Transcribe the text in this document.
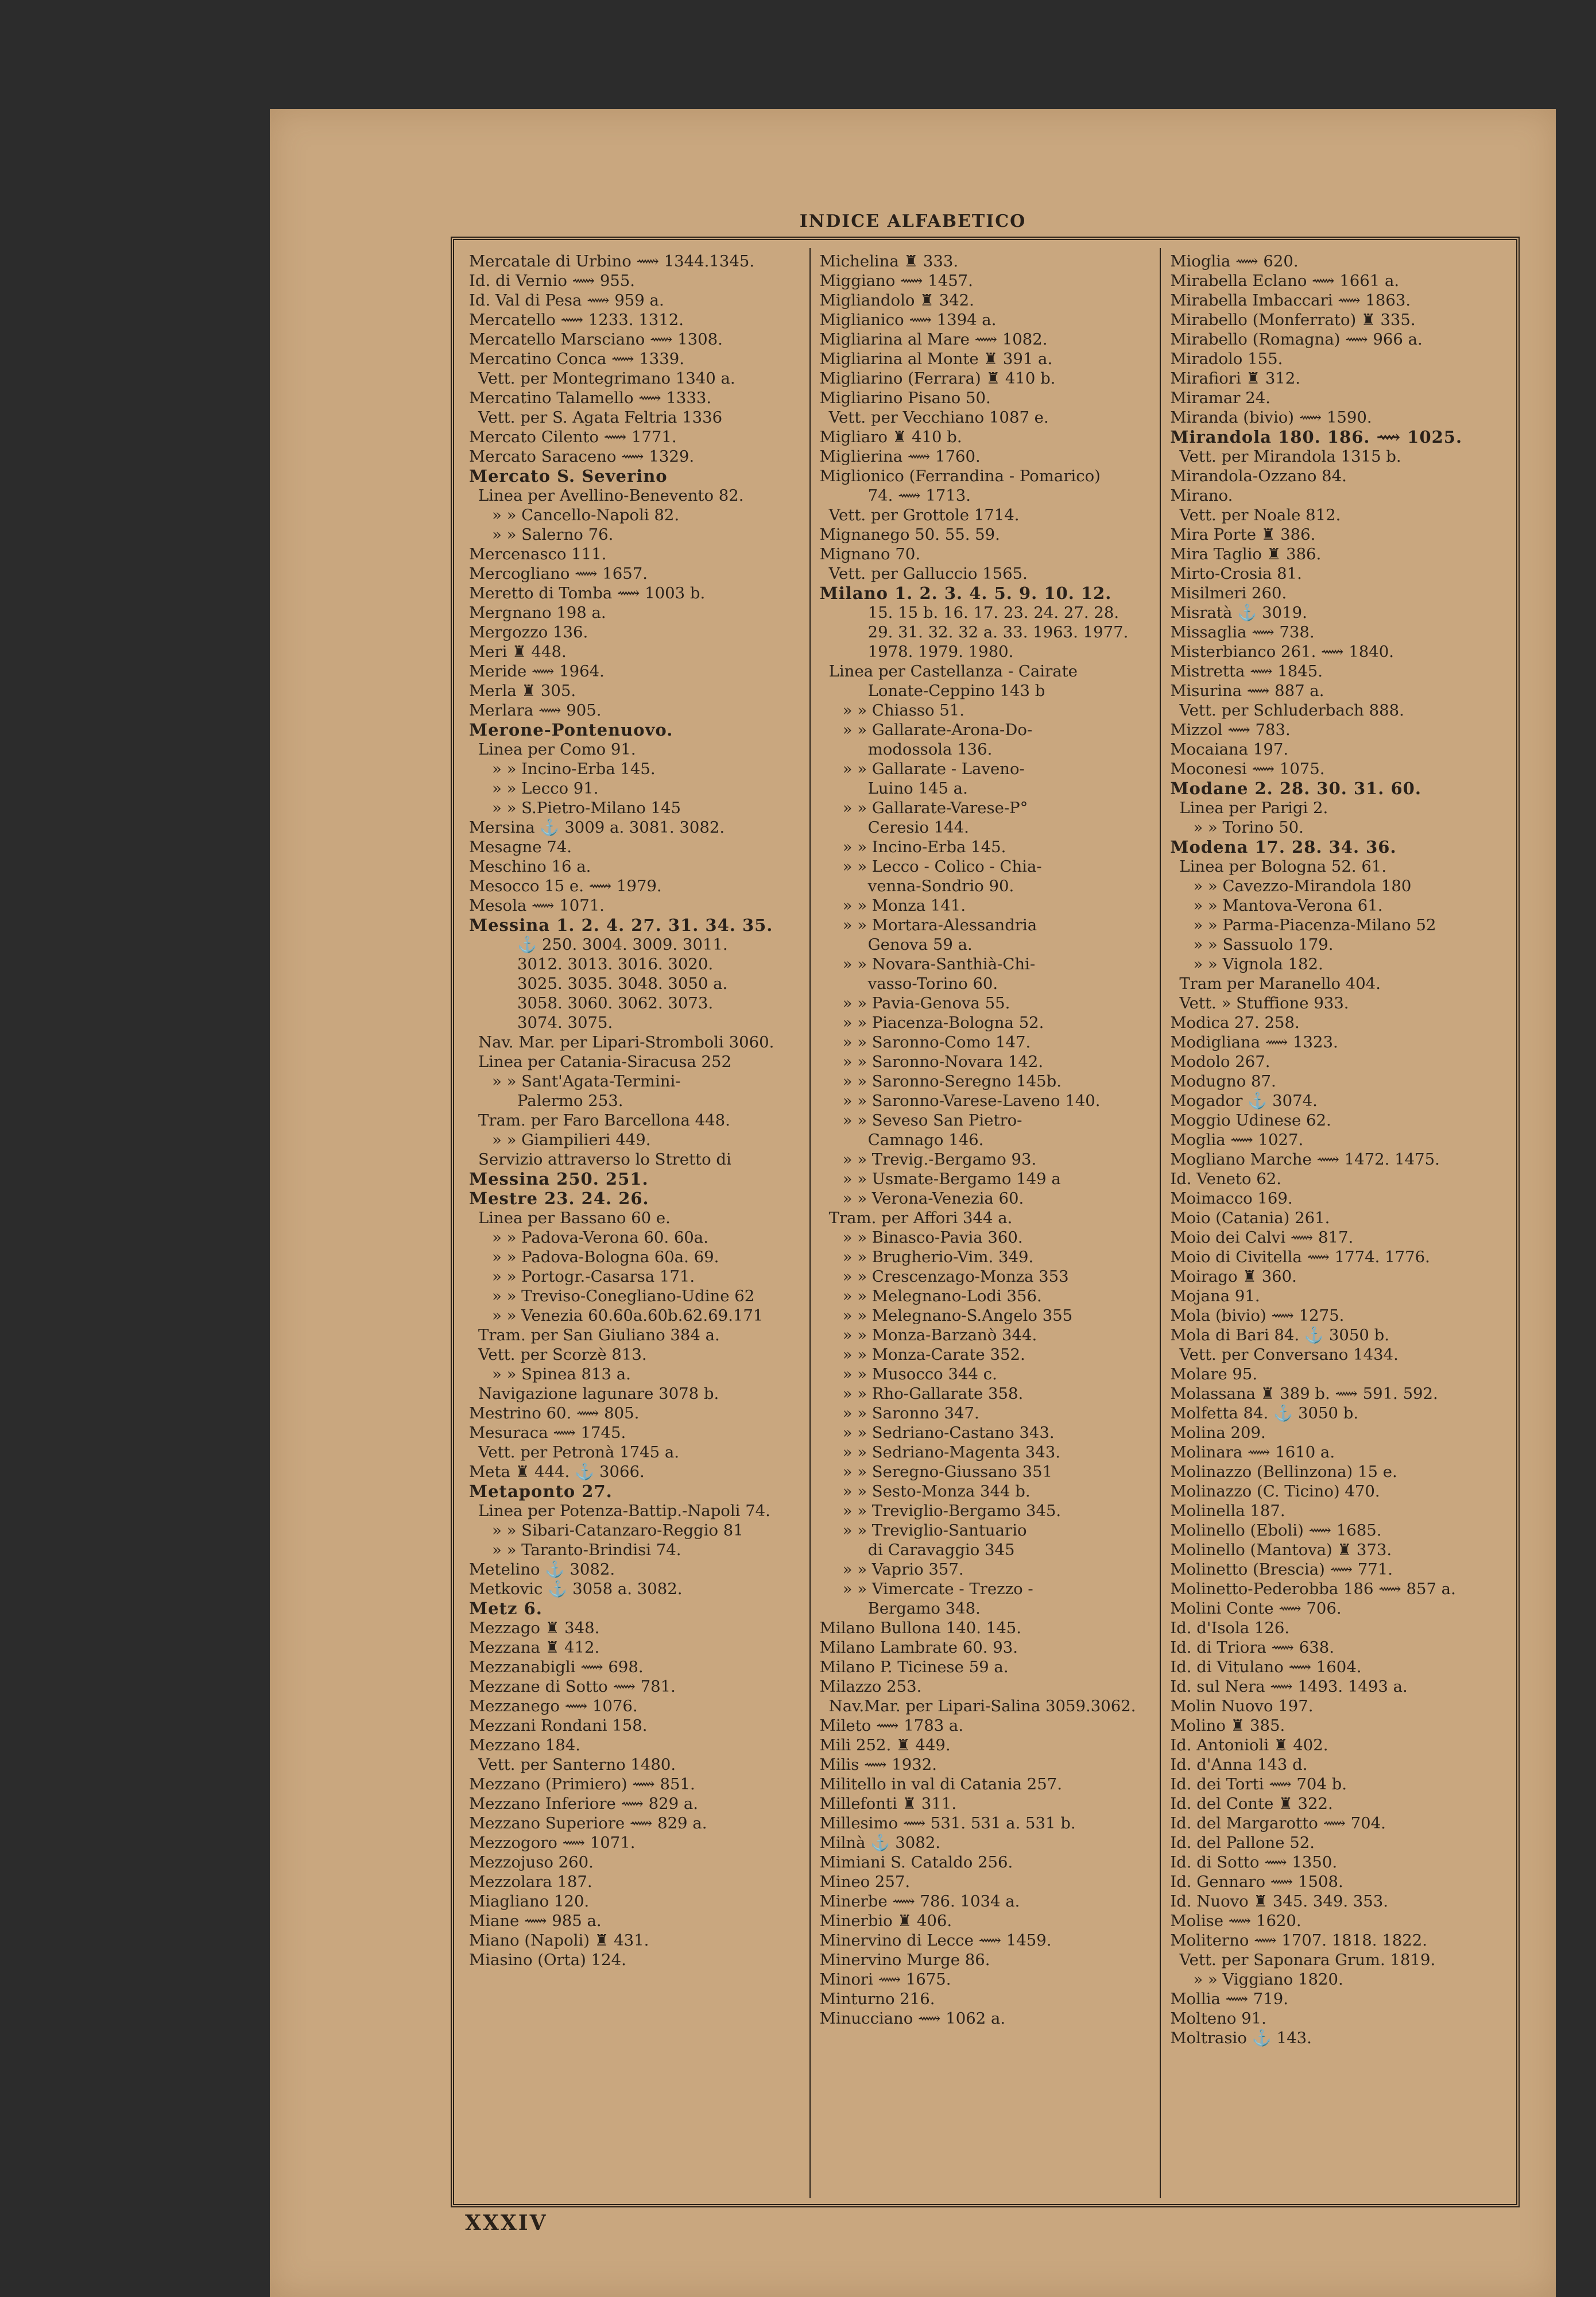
INDICE ALFABETICO
Mercatale di Urbino ⟿ 1344.1345.
Id. di Vernio ⟿ 955.
Id. Val di Pesa ⟿ 959 a.
Mercatello ⟿ 1233. 1312.
Mercatello Marsciano ⟿ 1308.
Mercatino Conca ⟿ 1339.
Vett. per Montegrimano 1340 a.
Mercatino Talamello ⟿ 1333.
Vett. per S. Agata Feltria 1336
Mercato Cilento ⟿ 1771.
Mercato Saraceno ⟿ 1329.
Mercato S. Severino
Linea per Avellino-Benevento 82.
» » Cancello-Napoli 82.
» » Salerno 76.
Mercenasco 111.
Mercogliano ⟿ 1657.
Meretto di Tomba ⟿ 1003 b.
Mergnano 198 a.
Mergozzo 136.
Meri ♜ 448.
Meride ⟿ 1964.
Merla ♜ 305.
Merlara ⟿ 905.
Merone-Pontenuovo.
Linea per Como 91.
» » Incino-Erba 145.
» » Lecco 91.
» » S.Pietro-Milano 145
Mersina ⚓ 3009 a. 3081. 3082.
Mesagne 74.
Meschino 16 a.
Mesocco 15 e. ⟿ 1979.
Mesola ⟿ 1071.
Messina 1. 2. 4. 27. 31. 34. 35.
⚓ 250. 3004. 3009. 3011.
3012. 3013. 3016. 3020.
3025. 3035. 3048. 3050 a.
3058. 3060. 3062. 3073.
3074. 3075.
Nav. Mar. per Lipari-Stromboli 3060.
Linea per Catania-Siracusa 252
» » Sant'Agata-Termini-
Palermo 253.
Tram. per Faro Barcellona 448.
» » Giampilieri 449.
Servizio attraverso lo Stretto di
Messina 250. 251.
Mestre 23. 24. 26.
Linea per Bassano 60 e.
» » Padova-Verona 60. 60a.
» » Padova-Bologna 60a. 69.
» » Portogr.-Casarsa 171.
» » Treviso-Conegliano-Udine 62
» » Venezia 60.60a.60b.62.69.171
Tram. per San Giuliano 384 a.
Vett. per Scorzè 813.
» » Spinea 813 a.
Navigazione lagunare 3078 b.
Mestrino 60. ⟿ 805.
Mesuraca ⟿ 1745.
Vett. per Petronà 1745 a.
Meta ♜ 444. ⚓ 3066.
Metaponto 27.
Linea per Potenza-Battip.-Napoli 74.
» » Sibari-Catanzaro-Reggio 81
» » Taranto-Brindisi 74.
Metelino ⚓ 3082.
Metkovic ⚓ 3058 a. 3082.
Metz 6.
Mezzago ♜ 348.
Mezzana ♜ 412.
Mezzanabigli ⟿ 698.
Mezzane di Sotto ⟿ 781.
Mezzanego ⟿ 1076.
Mezzani Rondani 158.
Mezzano 184.
Vett. per Santerno 1480.
Mezzano (Primiero) ⟿ 851.
Mezzano Inferiore ⟿ 829 a.
Mezzano Superiore ⟿ 829 a.
Mezzogoro ⟿ 1071.
Mezzojuso 260.
Mezzolara 187.
Miagliano 120.
Miane ⟿ 985 a.
Miano (Napoli) ♜ 431.
Miasino (Orta) 124.
Michelina ♜ 333.
Miggiano ⟿ 1457.
Migliandolo ♜ 342.
Miglianico ⟿ 1394 a.
Migliarina al Mare ⟿ 1082.
Migliarina al Monte ♜ 391 a.
Migliarino (Ferrara) ♜ 410 b.
Migliarino Pisano 50.
Vett. per Vecchiano 1087 e.
Migliaro ♜ 410 b.
Miglierina ⟿ 1760.
Miglionico (Ferrandina - Pomarico)
74. ⟿ 1713.
Vett. per Grottole 1714.
Mignanego 50. 55. 59.
Mignano 70.
Vett. per Galluccio 1565.
Milano 1. 2. 3. 4. 5. 9. 10. 12.
15. 15 b. 16. 17. 23. 24. 27. 28.
29. 31. 32. 32 a. 33. 1963. 1977.
1978. 1979. 1980.
Linea per Castellanza - Cairate
Lonate-Ceppino 143 b
» » Chiasso 51.
» » Gallarate-Arona-Do-
modossola 136.
» » Gallarate - Laveno-
Luino 145 a.
» » Gallarate-Varese-P°
Ceresio 144.
» » Incino-Erba 145.
» » Lecco - Colico - Chia-
venna-Sondrio 90.
» » Monza 141.
» » Mortara-Alessandria
Genova 59 a.
» » Novara-Santhià-Chi-
vasso-Torino 60.
» » Pavia-Genova 55.
» » Piacenza-Bologna 52.
» » Saronno-Como 147.
» » Saronno-Novara 142.
» » Saronno-Seregno 145b.
» » Saronno-Varese-Laveno 140.
» » Seveso San Pietro-
Camnago 146.
» » Trevig.-Bergamo 93.
» » Usmate-Bergamo 149 a
» » Verona-Venezia 60.
Tram. per Affori 344 a.
» » Binasco-Pavia 360.
» » Brugherio-Vim. 349.
» » Crescenzago-Monza 353
» » Melegnano-Lodi 356.
» » Melegnano-S.Angelo 355
» » Monza-Barzanò 344.
» » Monza-Carate 352.
» » Musocco 344 c.
» » Rho-Gallarate 358.
» » Saronno 347.
» » Sedriano-Castano 343.
» » Sedriano-Magenta 343.
» » Seregno-Giussano 351
» » Sesto-Monza 344 b.
» » Treviglio-Bergamo 345.
» » Treviglio-Santuario
di Caravaggio 345
» » Vaprio 357.
» » Vimercate - Trezzo -
Bergamo 348.
Milano Bullona 140. 145.
Milano Lambrate 60. 93.
Milano P. Ticinese 59 a.
Milazzo 253.
Nav.Mar. per Lipari-Salina 3059.3062.
Mileto ⟿ 1783 a.
Mili 252. ♜ 449.
Milis ⟿ 1932.
Militello in val di Catania 257.
Millefonti ♜ 311.
Millesimo ⟿ 531. 531 a. 531 b.
Milnà ⚓ 3082.
Mimiani S. Cataldo 256.
Mineo 257.
Minerbe ⟿ 786. 1034 a.
Minerbio ♜ 406.
Minervino di Lecce ⟿ 1459.
Minervino Murge 86.
Minori ⟿ 1675.
Minturno 216.
Minucciano ⟿ 1062 a.
Mioglia ⟿ 620.
Mirabella Eclano ⟿ 1661 a.
Mirabella Imbaccari ⟿ 1863.
Mirabello (Monferrato) ♜ 335.
Mirabello (Romagna) ⟿ 966 a.
Miradolo 155.
Mirafiori ♜ 312.
Miramar 24.
Miranda (bivio) ⟿ 1590.
Mirandola 180. 186. ⟿ 1025.
Vett. per Mirandola 1315 b.
Mirandola-Ozzano 84.
Mirano.
Vett. per Noale 812.
Mira Porte ♜ 386.
Mira Taglio ♜ 386.
Mirto-Crosia 81.
Misilmeri 260.
Misratà ⚓ 3019.
Missaglia ⟿ 738.
Misterbianco 261. ⟿ 1840.
Mistretta ⟿ 1845.
Misurina ⟿ 887 a.
Vett. per Schluderbach 888.
Mizzol ⟿ 783.
Mocaiana 197.
Moconesi ⟿ 1075.
Modane 2. 28. 30. 31. 60.
Linea per Parigi 2.
» » Torino 50.
Modena 17. 28. 34. 36.
Linea per Bologna 52. 61.
» » Cavezzo-Mirandola 180
» » Mantova-Verona 61.
» » Parma-Piacenza-Milano 52
» » Sassuolo 179.
» » Vignola 182.
Tram per Maranello 404.
Vett. » Stuffione 933.
Modica 27. 258.
Modigliana ⟿ 1323.
Modolo 267.
Modugno 87.
Mogador ⚓ 3074.
Moggio Udinese 62.
Moglia ⟿ 1027.
Mogliano Marche ⟿ 1472. 1475.
Id. Veneto 62.
Moimacco 169.
Moio (Catania) 261.
Moio dei Calvi ⟿ 817.
Moio di Civitella ⟿ 1774. 1776.
Moirago ♜ 360.
Mojana 91.
Mola (bivio) ⟿ 1275.
Mola di Bari 84. ⚓ 3050 b.
Vett. per Conversano 1434.
Molare 95.
Molassana ♜ 389 b. ⟿ 591. 592.
Molfetta 84. ⚓ 3050 b.
Molina 209.
Molinara ⟿ 1610 a.
Molinazzo (Bellinzona) 15 e.
Molinazzo (C. Ticino) 470.
Molinella 187.
Molinello (Eboli) ⟿ 1685.
Molinello (Mantova) ♜ 373.
Molinetto (Brescia) ⟿ 771.
Molinetto-Pederobba 186 ⟿ 857 a.
Molini Conte ⟿ 706.
Id. d'Isola 126.
Id. di Triora ⟿ 638.
Id. di Vitulano ⟿ 1604.
Id. sul Nera ⟿ 1493. 1493 a.
Molin Nuovo 197.
Molino ♜ 385.
Id. Antonioli ♜ 402.
Id. d'Anna 143 d.
Id. dei Torti ⟿ 704 b.
Id. del Conte ♜ 322.
Id. del Margarotto ⟿ 704.
Id. del Pallone 52.
Id. di Sotto ⟿ 1350.
Id. Gennaro ⟿ 1508.
Id. Nuovo ♜ 345. 349. 353.
Molise ⟿ 1620.
Moliterno ⟿ 1707. 1818. 1822.
Vett. per Saponara Grum. 1819.
» » Viggiano 1820.
Mollia ⟿ 719.
Molteno 91.
Moltrasio ⚓ 143.
XXXIV
